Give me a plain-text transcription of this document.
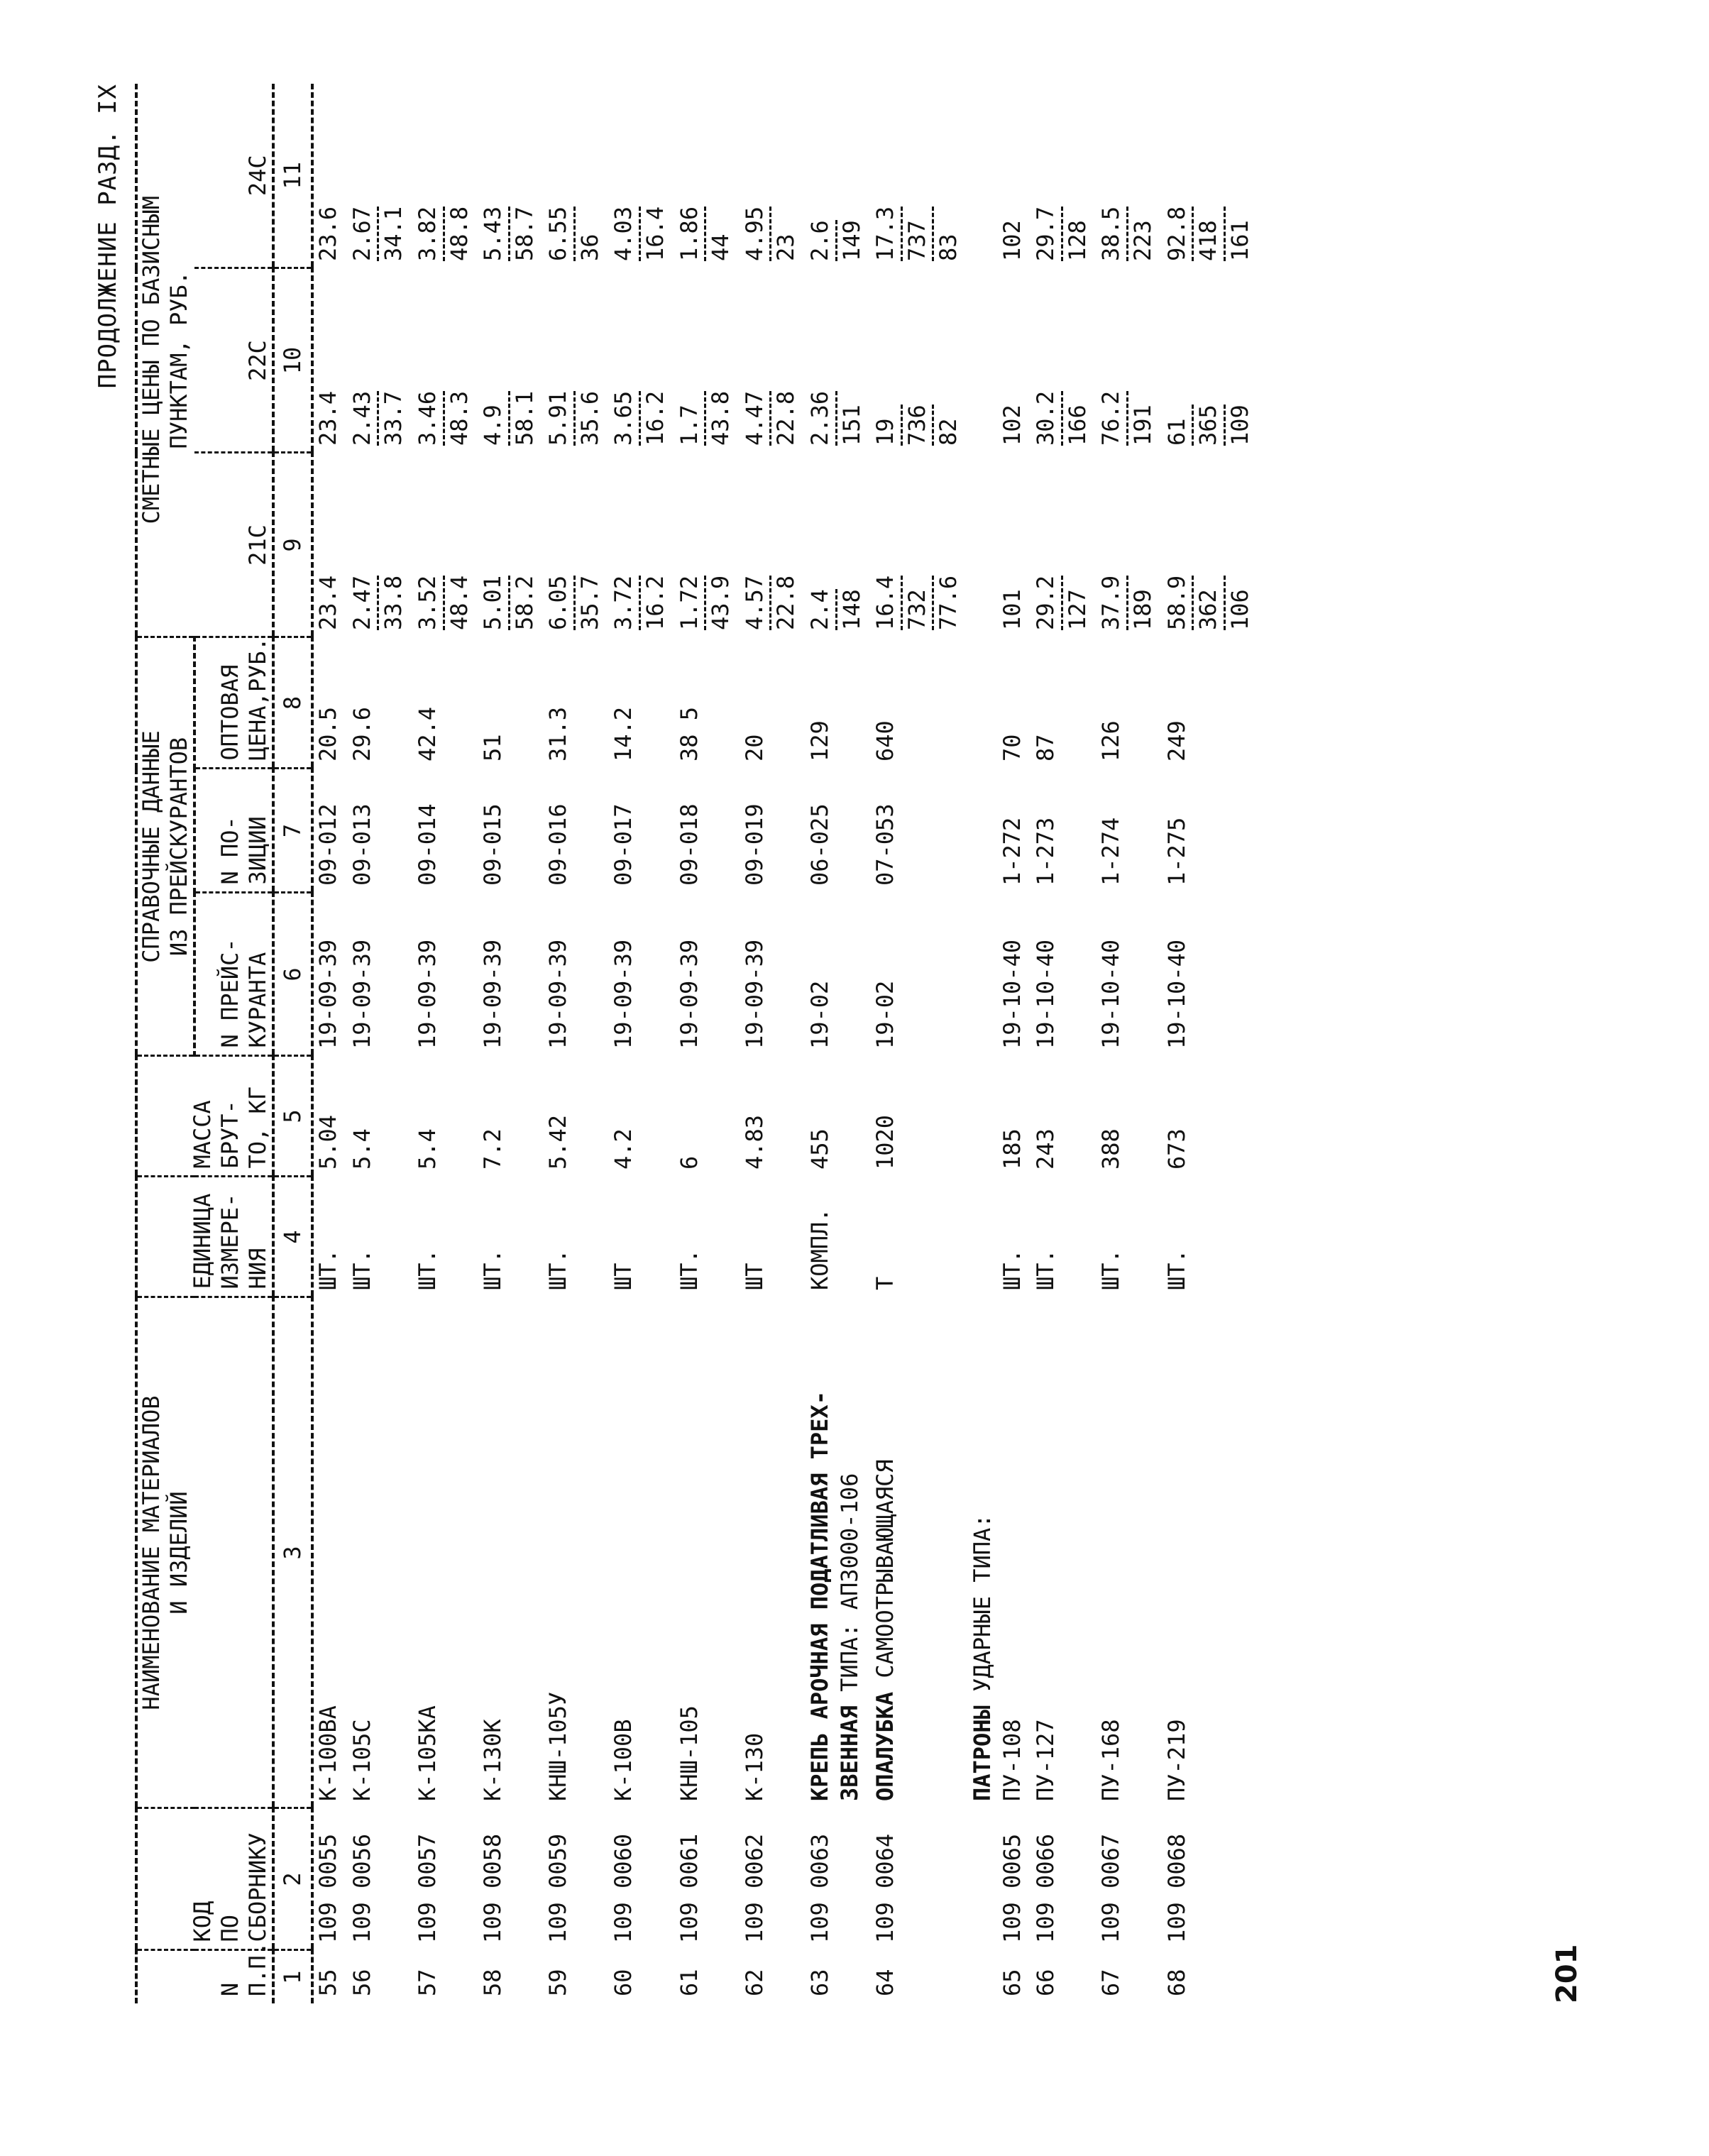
ПРОДОЛЖЕНИЕ РАЗД. IX
N П.П.	КОД ПО СБОРНИКУ	НАИМЕНОВАНИЕ МАТЕРИАЛОВ И ИЗДЕЛИЙ	ЕДИНИЦА ИЗМЕРЕ- НИЯ	МАССА БРУТ- ТО, КГ	СПРАВОЧНЫЕ ДАННЫЕ ИЗ ПРЕЙСКУРАНТОВ			СМЕТНЫЕ ЦЕНЫ ПО БАЗИСНЫМ ПУНКТАМ, РУБ.		

					N ПРЕЙС- КУРАНТА	N ПО- ЗИЦИИ	ОПТОВАЯ ЦЕНА,РУБ.	21С	22С	24С
1	2	3	4	5	6	7	8	9	10	11
55	109 0055	К-100ВА	ШТ.	5.04	19-09-39	09-012	20.5	23.4	23.4	23.6

56	109 0056	К-105С	ШТ.	5.4	19-09-39	09-013	29.6	2.47 33.8	2.43 33.7	2.67 34.1

57	109 0057	К-105КА	ШТ.	5.4	19-09-39	09-014	42.4	3.52 48.4	3.46 48.3	3.82 48.8

58	109 0058	К-130К	ШТ.	7.2	19-09-39	09-015	51	5.01 58.2	4.9 58.1	5.43 58.7

59	109 0059	КНШ-105У	ШТ.	5.42	19-09-39	09-016	31.3	6.05 35.7	5.91 35.6	6.55 36

60	109 0060	К-100В	ШТ	4.2	19-09-39	09-017	14.2	3.72 16.2	3.65 16.2	4.03 16.4

61	109 0061	КНШ-105	ШТ.	6	19-09-39	09-018	38 5	1.72 43.9	1.7 43.8	1.86 44

62	109 0062	К-130	ШТ	4.83	19-09-39	09-019	20	4.57 22.8	4.47 22.8	4.95 23

63	109 0063	КРЕПЬ АРОЧНАЯ ПОДАТЛИВАЯ ТРЕХ- ЗВЕННАЯ ТИПА: АП3000-106	КОМПЛ.	455	19-02	06-025	129	2.4 148	2.36 151	2.6 149

64	109 0064	ОПАЛУБКА САМООТРЫВАЮЩАЯСЯ	Т	1020	19-02	07-053	640	16.4 732 77.6	19 736 82	17.3 737 83

ПАТРОНЫ УДАРНЫЕ ТИПА:										
65	109 0065	ПУ-108	ШТ.	185	19-10-40	1-272	70	101	102	102

66	109 0066	ПУ-127	ШТ.	243	19-10-40	1-273	87	29.2 127	30.2 166	29.7 128

67	109 0067	ПУ-168	ШТ.	388	19-10-40	1-274	126	37.9 189	76.2 191	38.5 223

68	109 0068	ПУ-219	ШТ.	673	19-10-40	1-275	249	58.9 362 106	61 365 109	92.8 418 161

201
